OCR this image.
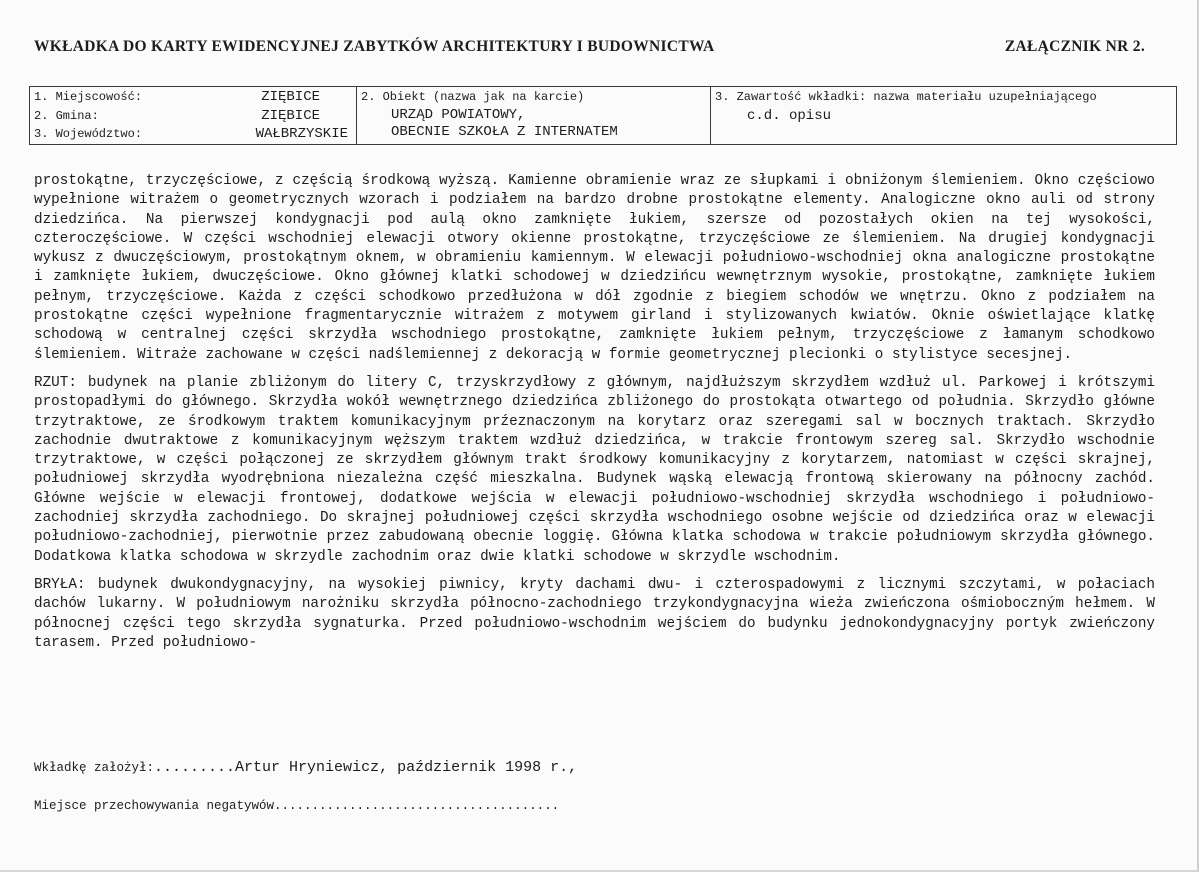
WKŁADKA DO KARTY EWIDENCYJNEJ ZABYTKÓW ARCHITEKTURY I BUDOWNICTWA	ZAŁĄCZNIK NR 2.
1. Miejscowość:	ZIĘBICE
2. Gmina:	ZIĘBICE
3. Województwo:	WAŁBRZYSKIE

2. Obiekt (nazwa jak na karcie)
URZĄD POWIATOWY,
OBECNIE SZKOŁA Z INTERNATEM

3. Zawartość wkładki: nazwa materiału uzupełniającego
c.d. opisu

prostokątne, trzyczęściowe, z częścią środkową wyższą. Kamienne obramienie wraz ze słupkami i obniżonym ślemieniem. Okno częściowo wypełnione witrażem o geometrycznych wzorach i podziałem na bardzo drobne prostokątne elementy. Analogiczne okno auli od strony dziedzińca. Na pierwszej kondygnacji pod aulą okno zamknięte łukiem, szersze od pozostałych okien na tej wysokości, czteroczęściowe. W części wschodniej elewacji otwory okienne prostokątne, trzyczęściowe ze ślemieniem. Na drugiej kondygnacji wykusz z dwuczęściowym, prostokątnym oknem, w obramieniu kamiennym. W elewacji południowo-wschodniej okna analogiczne prostokątne i zamknięte łukiem, dwuczęściowe. Okno głównej klatki schodowej w dziedzińcu wewnętrznym wysokie, prostokątne, zamknięte łukiem pełnym, trzyczęściowe. Każda z części schodkowo przedłużona w dół zgodnie z biegiem schodów we wnętrzu. Okno z podziałem na prostokątne części wypełnione fragmentarycznie witrażem z motywem girland i stylizowanych kwiatów. Oknie oświetlające klatkę schodową w centralnej części skrzydła wschodniego prostokątne, zamknięte łukiem pełnym, trzyczęściowe z łamanym schodkowo ślemieniem. Witraże zachowane w części nadślemiennej z dekoracją w formie geometrycznej plecionki o stylistyce secesjnej.

RZUT: budynek na planie zbliżonym do litery C, trzyskrzydłowy z głównym, najdłuższym skrzydłem wzdłuż ul. Parkowej i krótszymi prostopadłymi do głównego. Skrzydła wokół wewnętrznego dziedzińca zbliżonego do prostokąta otwartego od południa. Skrzydło główne trzytraktowe, ze środkowym traktem komunikacyjnym prźeznaczonym na korytarz oraz szeregami sal w bocznych traktach. Skrzydło zachodnie dwutraktowe z komunikacyjnym węższym traktem wzdłuż dziedzińca, w trakcie frontowym szereg sal. Skrzydło wschodnie trzytraktowe, w części połączonej ze skrzydłem głównym trakt środkowy komunikacyjny z korytarzem, natomiast w części skrajnej, południowej skrzydła wyodrębniona niezależna część mieszkalna. Budynek wąską elewacją frontową skierowany na północny zachód. Główne wejście w elewacji frontowej, dodatkowe wejścia w elewacji południowo-wschodniej skrzydła wschodniego i południowo-zachodniej skrzydła zachodniego. Do skrajnej południowej części skrzydła wschodniego osobne wejście od dziedzińca oraz w elewacji południowo-zachodniej, pierwotnie przez zabudowaną obecnie loggię. Główna klatka schodowa w trakcie południowym skrzydła głównego. Dodatkowa klatka schodowa w skrzydle zachodnim oraz dwie klatki schodowe w skrzydle wschodnim.

BRYŁA: budynek dwukondygnacyjny, na wysokiej piwnicy, kryty dachami dwu- i czterospadowymi z licznymi szczytami, w połaciach dachów lukarny. W południowym narożniku skrzydła północno-zachodniego trzykondygnacyjna wieża zwieńczona ośmioboczným hełmem. W północnej części tego skrzydła sygnaturka. Przed południowo-wschodnim wejściem do budynku jednokondygnacyjny portyk zwieńczony tarasem. Przed południowo-

Wkładkę założył:.........Artur Hryniewicz, październik 1998 r.,
Miejsce przechowywania negatywów......................................
